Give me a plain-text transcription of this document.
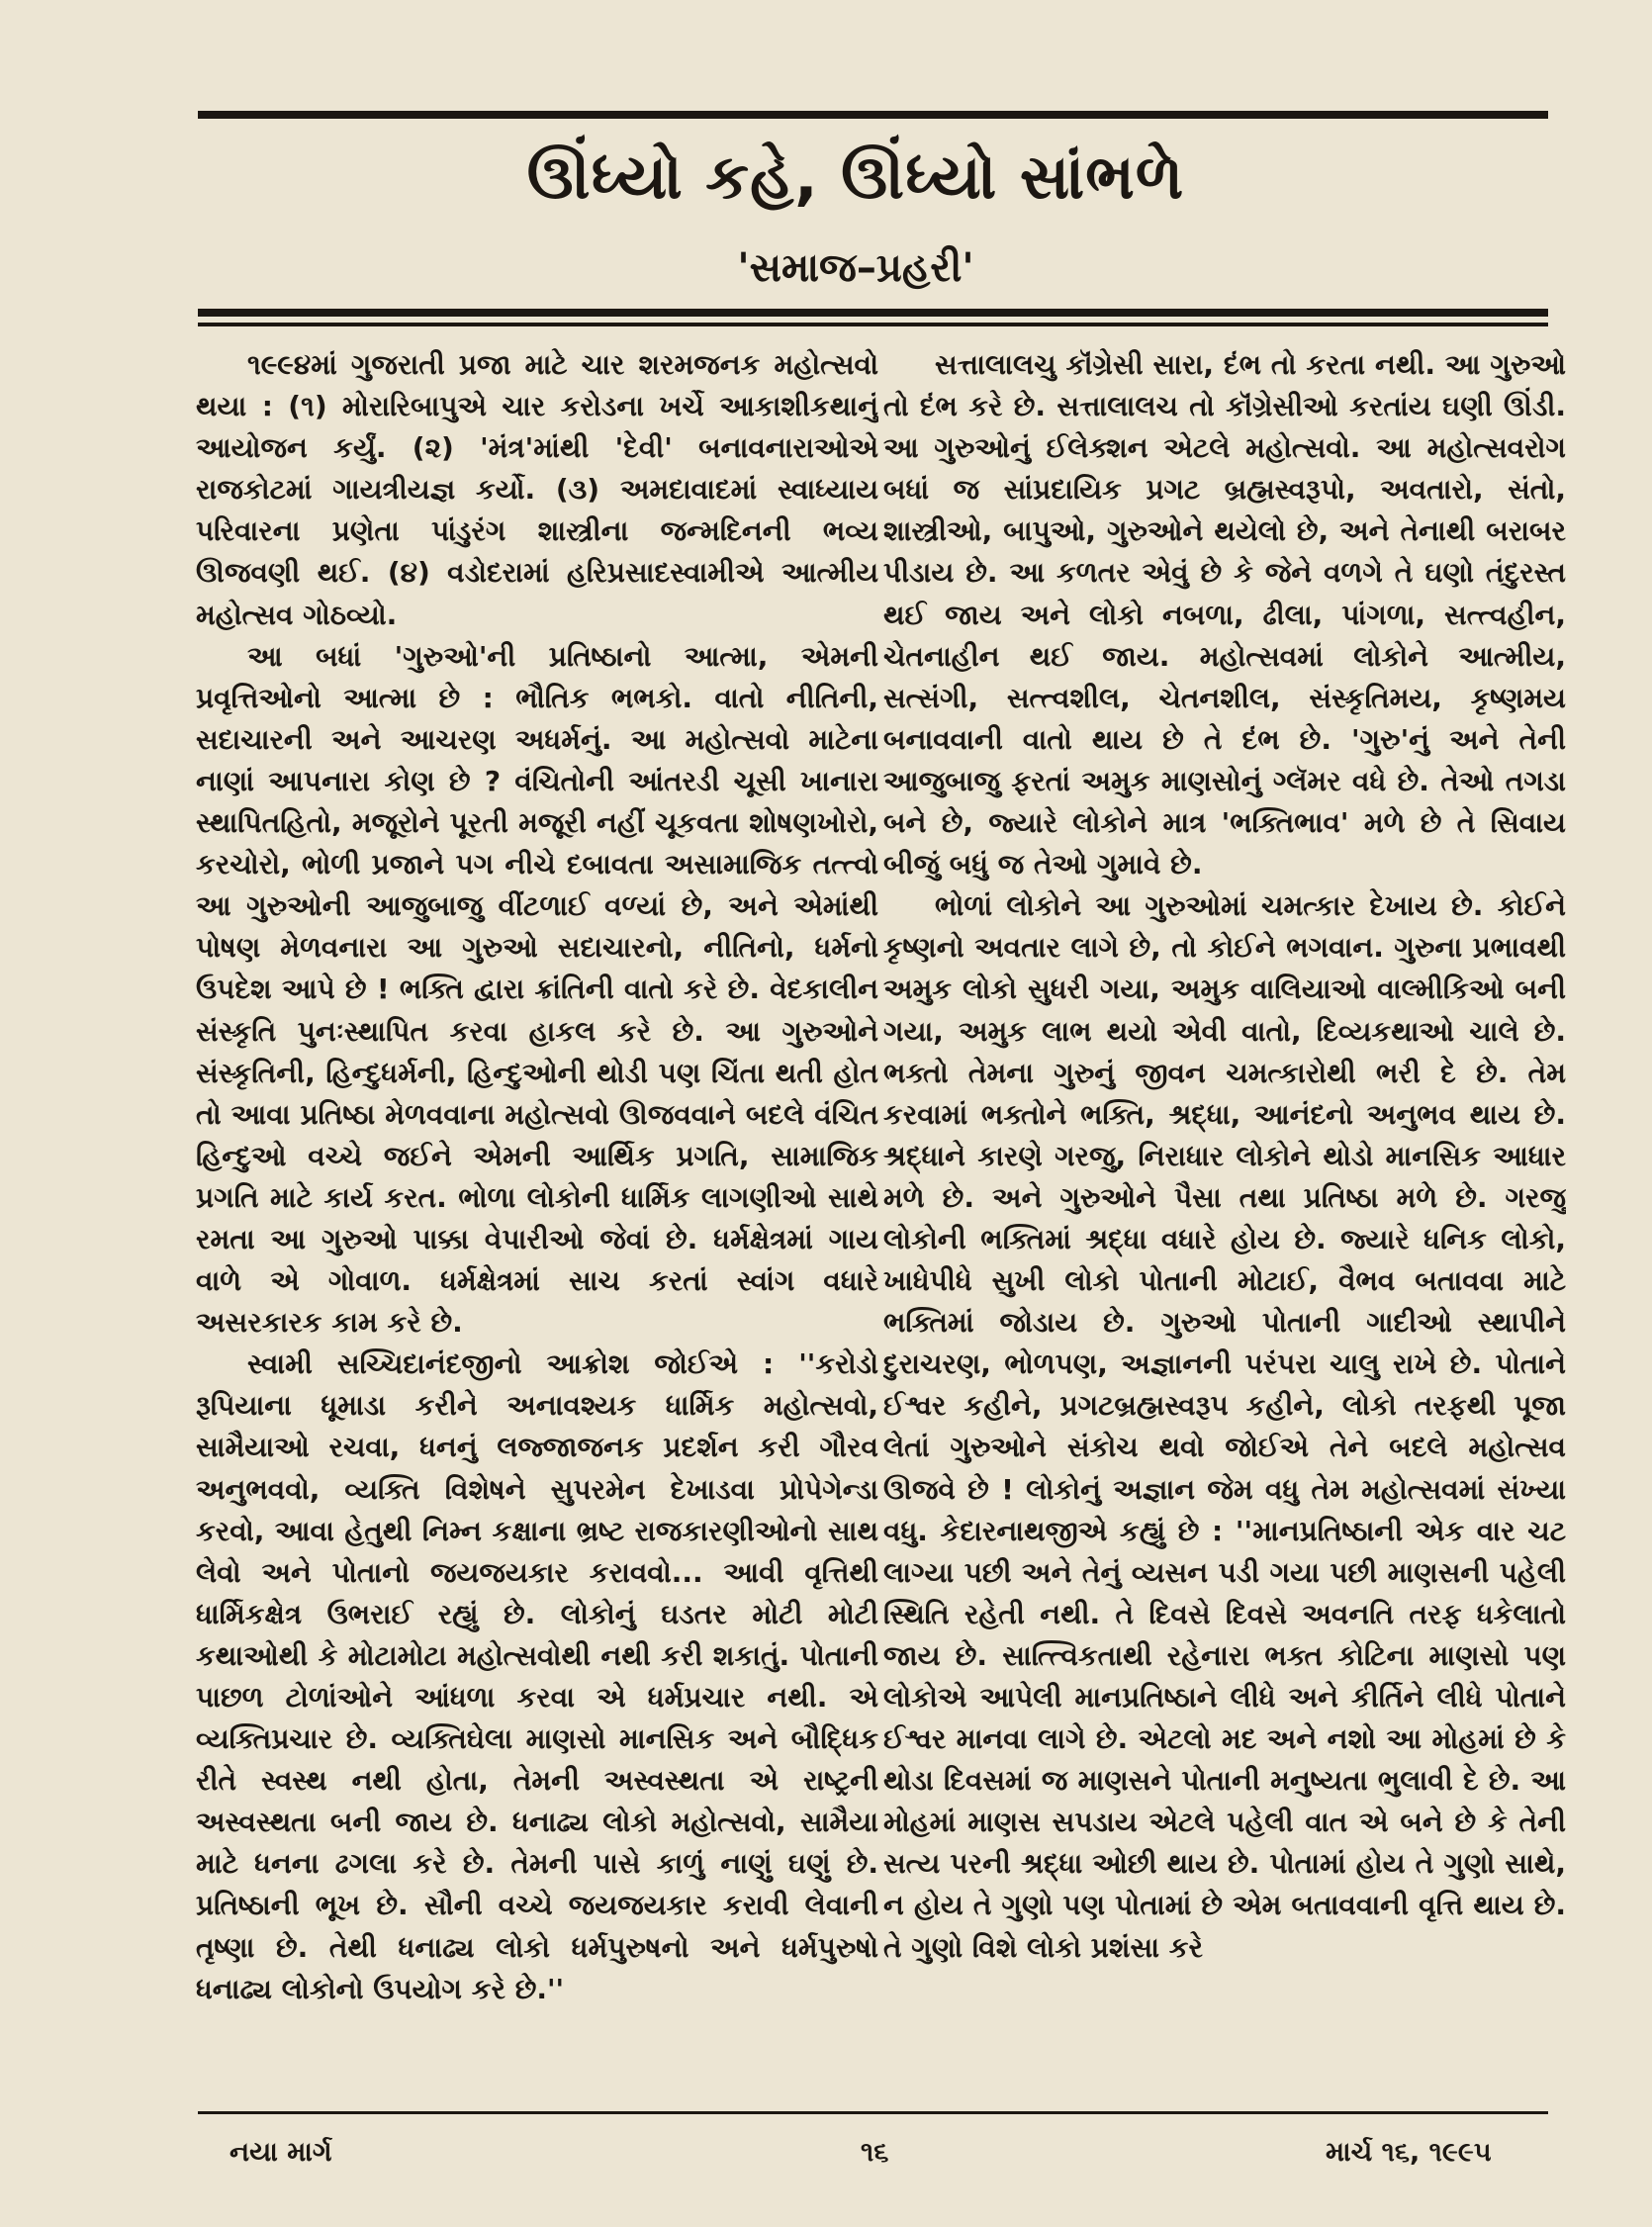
ઊંધ્યો કહે, ઊંધ્યો સાંભળે
'સમાજ–પ્રહરી'

૧૯૯૪માં ગુજરાતી પ્રજા માટે ચાર શરમજનક મહોત્સવો થયા : (૧) મોરારિબાપુએ ચાર કરોડના ખર્ચે આકાશીકથાનું આયોજન કર્યું. (૨) 'મંત્ર'માંથી 'દેવી' બનાવનારાઓએ રાજકોટમાં ગાયત્રીયજ્ઞ કર્યો. (૩) અમદાવાદમાં સ્વાધ્યાય પરિવારના પ્રણેતા પાંડુરંગ શાસ્ત્રીના જન્મદિનની ભવ્ય ઊજવણી થઈ. (૪) વડોદરામાં હરિપ્રસાદસ્વામીએ આત્મીય મહોત્સવ ગોઠવ્યો.

આ બધાં 'ગુરુઓ'ની પ્રતિષ્ઠાનો આત્મા, એમની પ્રવૃત્તિઓનો આત્મા છે : ભૌતિક ભભકો. વાતો નીતિની, સદાચારની અને આચરણ અધર્મનું. આ મહોત્સવો માટેના નાણાં આપનારા કોણ છે ? વંચિતોની આંતરડી ચૂસી ખાનારા સ્થાપિતહિતો, મજૂરોને પૂરતી મજૂરી નહીં ચૂકવતા શોષણખોરો, કરચોરો, ભોળી પ્રજાને પગ નીચે દબાવતા અસામાજિક તત્ત્વો આ ગુરુઓની આજુબાજુ વીંટળાઈ વળ્યાં છે, અને એમાંથી પોષણ મેળવનારા આ ગુરુઓ સદાચારનો, નીતિનો, ધર્મનો ઉપદેશ આપે છે ! ભક્તિ દ્વારા ક્રાંતિની વાતો કરે છે. વેદકાલીન સંસ્કૃતિ પુનઃસ્થાપિત કરવા હાકલ કરે છે. આ ગુરુઓને સંસ્કૃતિની, હિન્દુધર્મની, હિન્દુઓની થોડી પણ ચિંતા થતી હોત તો આવા પ્રતિષ્ઠા મેળવવાના મહોત્સવો ઊજવવાને બદલે વંચિત હિન્દુઓ વચ્ચે જઈને એમની આર્થિક પ્રગતિ, સામાજિક પ્રગતિ માટે કાર્ય કરત. ભોળા લોકોની ધાર્મિક લાગણીઓ સાથે રમતા આ ગુરુઓ પાક્કા વેપારીઓ જેવાં છે. ધર્મક્ષેત્રમાં ગાય વાળે એ ગોવાળ. ધર્મક્ષેત્રમાં સાચ કરતાં સ્વાંગ વધારે અસરકારક કામ કરે છે.

સ્વામી સચ્ચિદાનંદજીનો આક્રોશ જોઈએ : ''કરોડો રૂપિયાના ધૂમાડા કરીને અનાવશ્યક ધાર્મિક મહોત્સવો, સામૈયાઓ રચવા, ધનનું લજ્જાજનક પ્રદર્શન કરી ગૌરવ અનુભવવો, વ્યક્તિ વિશેષને સુપરમેન દેખાડવા પ્રોપેગેન્ડા કરવો, આવા હેતુથી નિમ્ન કક્ષાના ભ્રષ્ટ રાજકારણીઓનો સાથ લેવો અને પોતાનો જયજયકાર કરાવવો... આવી વૃત્તિથી ધાર્મિકક્ષેત્ર ઉભરાઈ રહ્યું છે. લોકોનું ઘડતર મોટી મોટી કથાઓથી કે મોટામોટા મહોત્સવોથી નથી કરી શકાતું. પોતાની પાછળ ટોળાંઓને આંધળા કરવા એ ધર્મપ્રચાર નથી. એ વ્યક્તિપ્રચાર છે. વ્યક્તિઘેલા માણસો માનસિક અને બૌદ્ધિક રીતે સ્વસ્થ નથી હોતા, તેમની અસ્વસ્થતા એ રાષ્ટ્રની અસ્વસ્થતા બની જાય છે. ધનાઢ્ય લોકો મહોત્સવો, સામૈયા માટે ધનના ઢગલા કરે છે. તેમની પાસે કાળું નાણું ઘણું છે. પ્રતિષ્ઠાની ભૂખ છે. સૌની વચ્ચે જયજયકાર કરાવી લેવાની તૃષ્ણા છે. તેથી ધનાઢ્ય લોકો ધર્મપુરુષનો અને ધર્મપુરુષો ધનાઢ્ય લોકોનો ઉપયોગ કરે છે.''

સત્તાલાલચુ કૉંગ્રેસી સારા, દંભ તો કરતા નથી. આ ગુરુઓ તો દંભ કરે છે. સત્તાલાલચ તો કૉંગ્રેસીઓ કરતાંય ઘણી ઊંડી. આ ગુરુઓનું ઈલેક્શન એટલે મહોત્સવો. આ મહોત્સવરોગ બધાં જ સાંપ્રદાયિક પ્રગટ બ્રહ્મસ્વરૂપો, અવતારો, સંતો, શાસ્ત્રીઓ, બાપુઓ, ગુરુઓને થયેલો છે, અને તેનાથી બરાબર પીડાય છે. આ કળતર એવું છે કે જેને વળગે તે ઘણો તંદુરસ્ત થઈ જાય અને લોકો નબળા, ઢીલા, પાંગળા, સત્ત્વહીન, ચેતનાહીન થઈ જાય. મહોત્સવમાં લોકોને આત્મીય, સત્સંગી, સત્ત્વશીલ, ચેતનશીલ, સંસ્કૃતિમય, કૃષ્ણમય બનાવવાની વાતો થાય છે તે દંભ છે. 'ગુરુ'નું અને તેની આજુબાજુ ફરતાં અમુક માણસોનું ગ્લૅમર વધે છે. તેઓ તગડા બને છે, જ્યારે લોકોને માત્ર 'ભક્તિભાવ' મળે છે તે સિવાય બીજું બધું જ તેઓ ગુમાવે છે.

ભોળાં લોકોને આ ગુરુઓમાં ચમત્કાર દેખાય છે. કોઈને કૃષ્ણનો અવતાર લાગે છે, તો કોઈને ભગવાન. ગુરુના પ્રભાવથી અમુક લોકો સુધરી ગયા, અમુક વાલિયાઓ વાલ્મીકિઓ બની ગયા, અમુક લાભ થયો એવી વાતો, દિવ્યકથાઓ ચાલે છે. ભક્તો તેમના ગુરુનું જીવન ચમત્કારોથી ભરી દે છે. તેમ કરવામાં ભક્તોને ભક્તિ, શ્રદ્ધા, આનંદનો અનુભવ થાય છે. શ્રદ્ધાને કારણે ગરજુ, નિરાધાર લોકોને થોડો માનસિક આધાર મળે છે. અને ગુરુઓને પૈસા તથા પ્રતિષ્ઠા મળે છે. ગરજુ લોકોની ભક્તિમાં શ્રદ્ધા વધારે હોય છે. જ્યારે ધનિક લોકો, ખાધેપીધે સુખી લોકો પોતાની મોટાઈ, વૈભવ બતાવવા માટે ભક્તિમાં જોડાય છે. ગુરુઓ પોતાની ગાદીઓ સ્થાપીને દુરાચરણ, ભોળપણ, અજ્ઞાનની પરંપરા ચાલુ રાખે છે. પોતાને ઈશ્વર કહીને, પ્રગટબ્રહ્મસ્વરૂપ કહીને, લોકો તરફથી પૂજા લેતાં ગુરુઓને સંકોચ થવો જોઈએ તેને બદલે મહોત્સવ ઊજવે છે ! લોકોનું અજ્ઞાન જેમ વધુ તેમ મહોત્સવમાં સંખ્યા વધુ. કેદારનાથજીએ કહ્યું છે : ''માનપ્રતિષ્ઠાની એક વાર ચટ લાગ્યા પછી અને તેનું વ્યસન પડી ગયા પછી માણસની પહેલી સ્થિતિ રહેતી નથી. તે દિવસે દિવસે અવનતિ તરફ ધકેલાતો જાય છે. સાત્ત્વિકતાથી રહેનારા ભક્ત કોટિના માણસો પણ લોકોએ આપેલી માનપ્રતિષ્ઠાને લીધે અને કીર્તિને લીધે પોતાને ઈશ્વર માનવા લાગે છે. એટલો મદ અને નશો આ મોહમાં છે કે થોડા દિવસમાં જ માણસને પોતાની મનુષ્યતા ભુલાવી દે છે. આ મોહમાં માણસ સપડાય એટલે પહેલી વાત એ બને છે કે તેની સત્ય પરની શ્રદ્ધા ઓછી થાય છે. પોતામાં હોય તે ગુણો સાથે, ન હોય તે ગુણો પણ પોતામાં છે એમ બતાવવાની વૃત્તિ થાય છે. તે ગુણો વિશે લોકો પ્રશંસા કરે

નયા માર્ગ	૧૬	માર્ચ ૧૬, ૧૯૯૫
